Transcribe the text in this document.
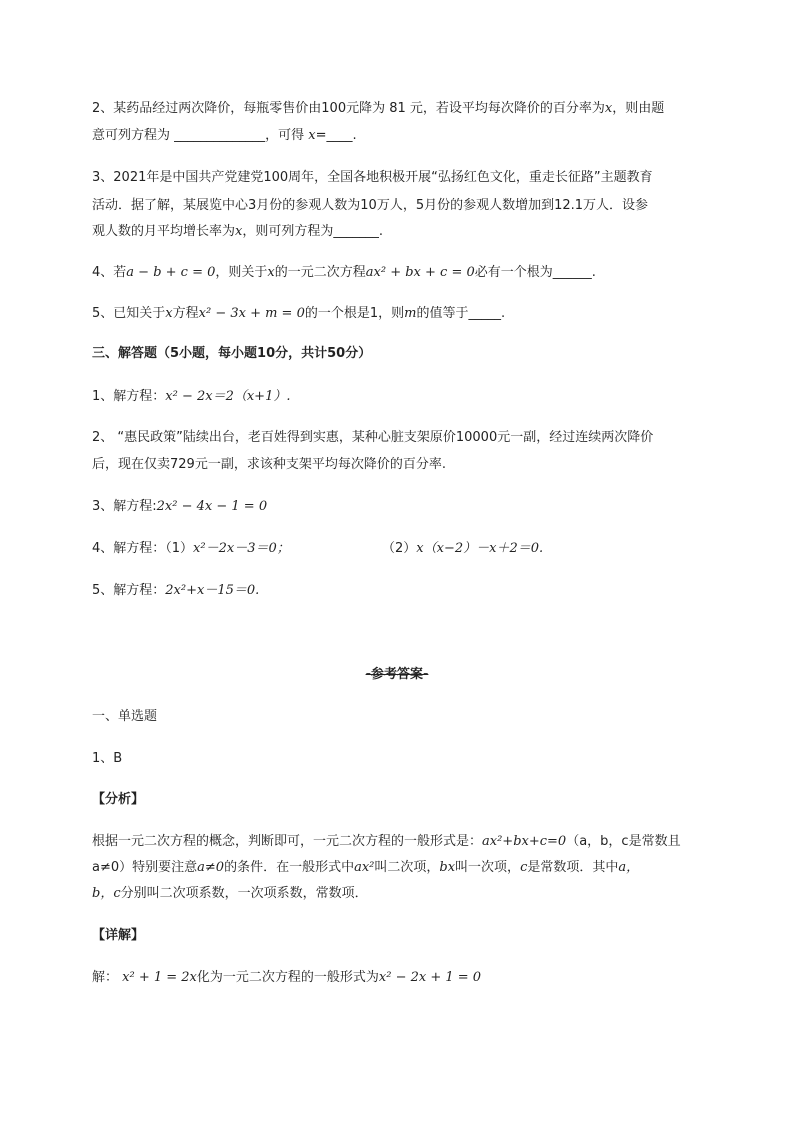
2、某药品经过两次降价，每瓶零售价由100元降为 81 元，若设平均每次降价的百分率为x，则由题
意可列方程为 ______________，可得 x=____.
3、2021年是中国共产党建党100周年，全国各地积极开展“弘扬红色文化，重走长征路”主题教育
活动．据了解，某展览中心3月份的参观人数为10万人，5月份的参观人数增加到12.1万人．设参
观人数的月平均增长率为x，则可列方程为_______.
4、若a − b + c = 0，则关于x的一元二次方程ax² + bx + c = 0必有一个根为______.
5、已知关于x方程x² − 3x + m = 0的一个根是1，则m的值等于_____.
三、解答题（5小题，每小题10分，共计50分）
1、解方程：x² − 2x＝2（x+1）.
2、 “惠民政策”陆续出台，老百姓得到实惠，某种心脏支架原价10000元一副，经过连续两次降价
后，现在仅卖729元一副，求该种支架平均每次降价的百分率.
3、解方程:2x² − 4x − 1 = 0
4、解方程：（1）x²－2x－3＝0；	（2）x（x−2）－x＋2＝0.
5、解方程：2x²+x－15＝0.
-参考答案-
一、单选题
1、B
【分析】
根据一元二次方程的概念，判断即可，一元二次方程的一般形式是：ax²+bx+c=0（a，b，c是常数且
a≠0）特别要注意a≠0的条件．在一般形式中ax²叫二次项，bx叫一次项，c是常数项．其中a，
b，c分别叫二次项系数，一次项系数，常数项．
【详解】
解： x² + 1 = 2x化为一元二次方程的一般形式为x² − 2x + 1 = 0
